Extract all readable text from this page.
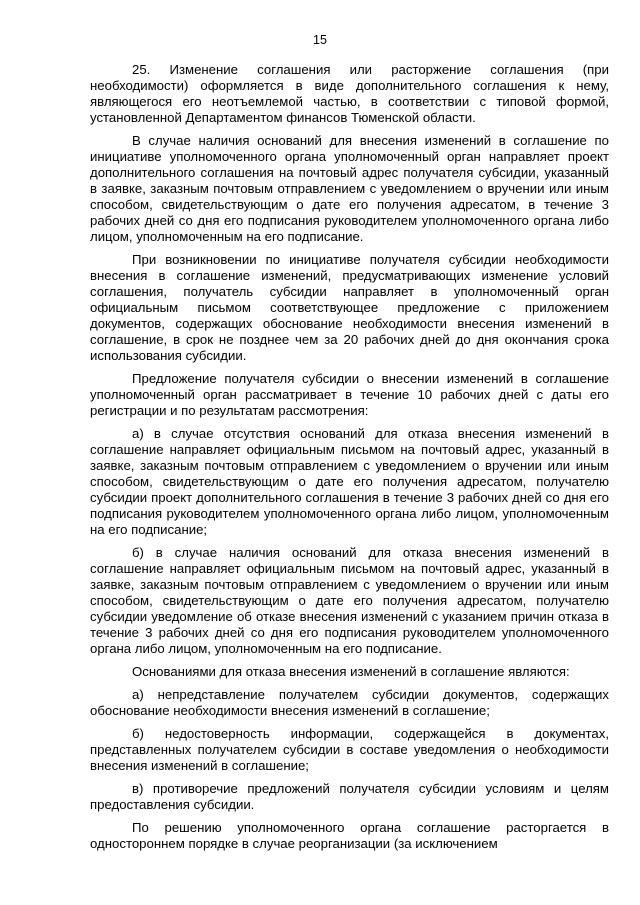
15

25. Изменение соглашения или расторжение соглашения (при необходимости) оформляется в виде дополнительного соглашения к нему, являющегося его неотъемлемой частью, в соответствии с типовой формой, установленной Департаментом финансов Тюменской области.

В случае наличия оснований для внесения изменений в соглашение по инициативе уполномоченного органа уполномоченный орган направляет проект дополнительного соглашения на почтовый адрес получателя субсидии, указанный в заявке, заказным почтовым отправлением с уведомлением о вручении или иным способом, свидетельствующим о дате его получения адресатом, в течение 3 рабочих дней со дня его подписания руководителем уполномоченного органа либо лицом, уполномоченным на его подписание.

При возникновении по инициативе получателя субсидии необходимости внесения в соглашение изменений, предусматривающих изменение условий соглашения, получатель субсидии направляет в уполномоченный орган официальным письмом соответствующее предложение с приложением документов, содержащих обоснование необходимости внесения изменений в соглашение, в срок не позднее чем за 20 рабочих дней до дня окончания срока использования субсидии.

Предложение получателя субсидии о внесении изменений в соглашение уполномоченный орган рассматривает в течение 10 рабочих дней с даты его регистрации и по результатам рассмотрения:

а) в случае отсутствия оснований для отказа внесения изменений в соглашение направляет официальным письмом на почтовый адрес, указанный в заявке, заказным почтовым отправлением с уведомлением о вручении или иным способом, свидетельствующим о дате его получения адресатом, получателю субсидии проект дополнительного соглашения в течение 3 рабочих дней со дня его подписания руководителем уполномоченного органа либо лицом, уполномоченным на его подписание;

б) в случае наличия оснований для отказа внесения изменений в соглашение направляет официальным письмом на почтовый адрес, указанный в заявке, заказным почтовым отправлением с уведомлением о вручении или иным способом, свидетельствующим о дате его получения адресатом, получателю субсидии уведомление об отказе внесения изменений с указанием причин отказа в течение 3 рабочих дней со дня его подписания руководителем уполномоченного органа либо лицом, уполномоченным на его подписание.

Основаниями для отказа внесения изменений в соглашение являются:

а) непредставление получателем субсидии документов, содержащих обоснование необходимости внесения изменений в соглашение;

б) недостоверность информации, содержащейся в документах, представленных получателем субсидии в составе уведомления о необходимости внесения изменений в соглашение;

в) противоречие предложений получателя субсидии условиям и целям предоставления субсидии.

По решению уполномоченного органа соглашение расторгается в одностороннем порядке в случае реорганизации (за исключением
